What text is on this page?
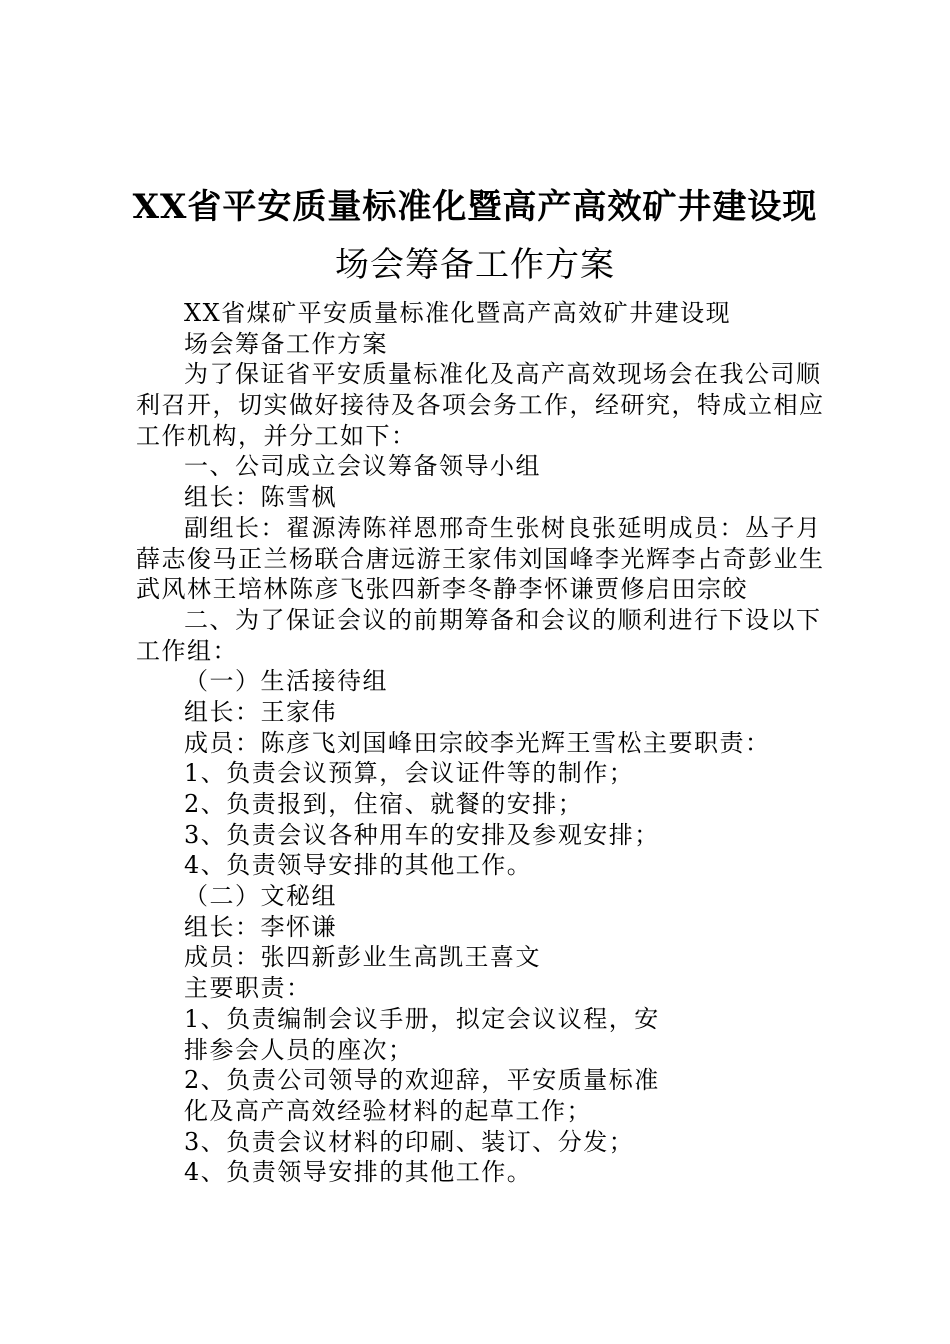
XX省平安质量标准化暨高产高效矿井建设现
场会筹备工作方案
XX省煤矿平安质量标准化暨高产高效矿井建设现
场会筹备工作方案
为了保证省平安质量标准化及高产高效现场会在我公司顺
利召开，切实做好接待及各项会务工作，经研究，特成立相应
工作机构，并分工如下：
一、公司成立会议筹备领导小组
组长：陈雪枫
副组长：翟源涛陈祥恩邢奇生张树良张延明成员：丛子月
薛志俊马正兰杨联合唐远游王家伟刘国峰李光辉李占奇彭业生
武风林王培林陈彦飞张四新李冬静李怀谦贾修启田宗皎
二、为了保证会议的前期筹备和会议的顺利进行下设以下
工作组：
（一）生活接待组
组长：王家伟
成员：陈彦飞刘国峰田宗皎李光辉王雪松主要职责：
1、负责会议预算，会议证件等的制作；
2、负责报到，住宿、就餐的安排；
3、负责会议各种用车的安排及参观安排；
4、负责领导安排的其他工作。
（二）文秘组
组长：李怀谦
成员：张四新彭业生高凯王喜文
主要职责：
1、负责编制会议手册，拟定会议议程，安
排参会人员的座次；
2、负责公司领导的欢迎辞，平安质量标准
化及高产高效经验材料的起草工作；
3、负责会议材料的印刷、装订、分发；
4、负责领导安排的其他工作。
